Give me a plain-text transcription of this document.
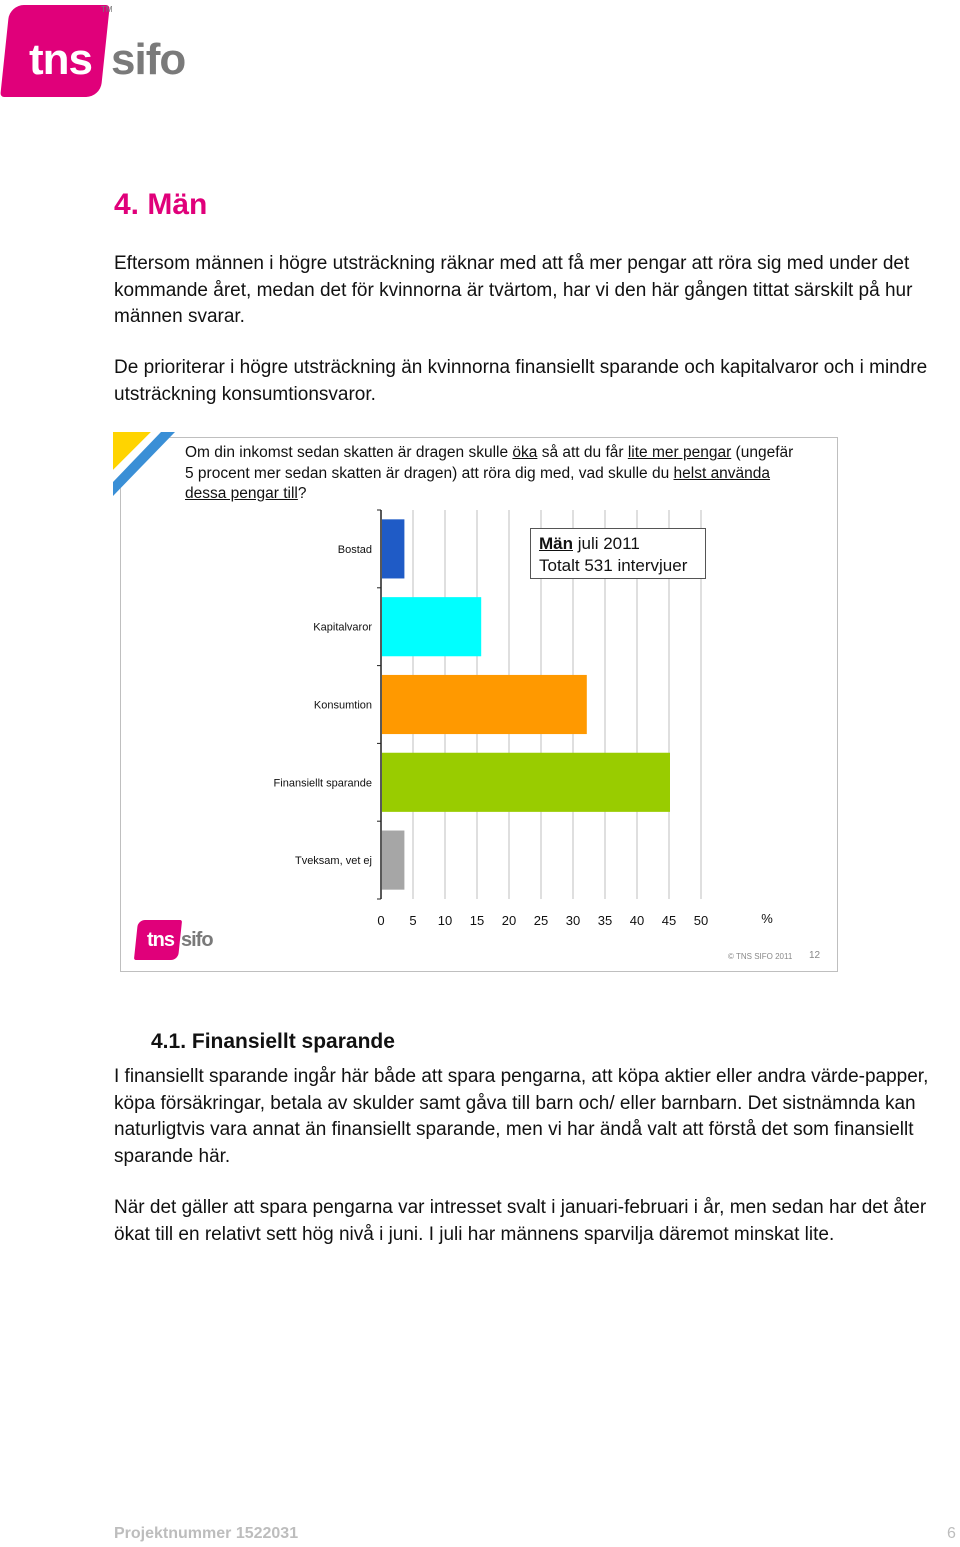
tns sifo
TM
4. Män
Eftersom männen i högre utsträckning räknar med att få mer pengar att röra sig med under det kommande året, medan det för kvinnorna är tvärtom, har vi den här gången tittat särskilt på hur männen svarar.
De prioriterar i högre utsträckning än kvinnorna finansiellt sparande och kapitalvaror och i mindre utsträckning konsumtionsvaror.
Om din inkomst sedan skatten är dragen skulle öka så att du får lite mer pengar (ungefär 5 procent mer sedan skatten är dragen) att röra dig med, vad skulle du helst använda dessa pengar till?
Bostad
Kapitalvaror
Konsumtion
Finansiellt sparande
Tveksam, vet ej
0 5 10 15 20 25 30 35 40 45 50	%
Män juli 2011
Totalt 531 intervjuer
tns sifo
© TNS SIFO 2011 12
4.1. Finansiellt sparande
I finansiellt sparande ingår här både att spara pengarna, att köpa aktier eller andra värde-papper, köpa försäkringar, betala av skulder samt gåva till barn och/ eller barnbarn. Det sistnämnda kan naturligtvis vara annat än finansiellt sparande, men vi har ändå valt att förstå det som finansiellt sparande här.
När det gäller att spara pengarna var intresset svalt i januari-februari i år, men sedan har det åter ökat till en relativt sett hög nivå i juni. I juli har männens sparvilja däremot minskat lite.
Projektnummer 1522031	6
